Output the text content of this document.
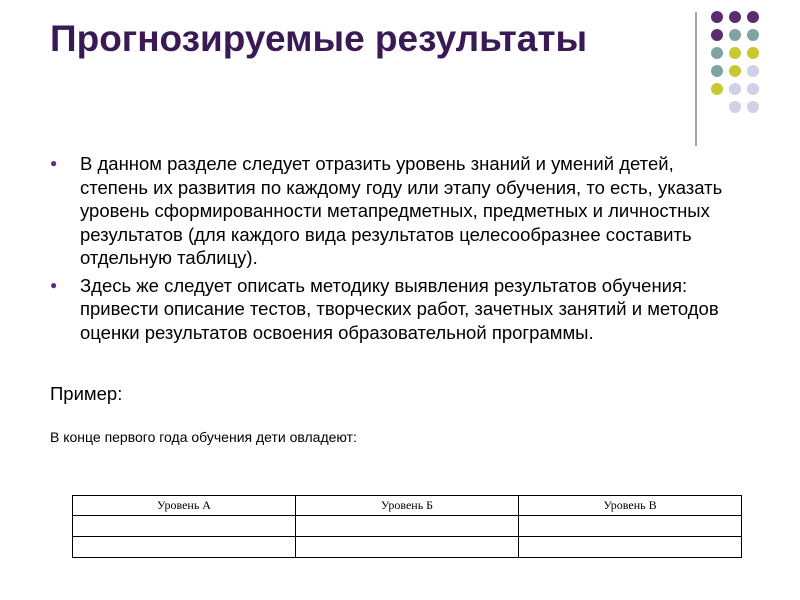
Прогнозируемые результаты
● В данном разделе следует отразить уровень знаний и умений детей, степень их развития по каждому году или этапу обучения, то есть, указать уровень сформированности метапредметных, предметных и личностных результатов (для каждого вида результатов целесообразнее составить отдельную таблицу).
● Здесь же следует описать методику выявления результатов обучения: привести описание тестов, творческих работ, зачетных занятий и методов оценки результатов освоения образовательной программы.

Пример:

В конце первого года обучения дети овладеют:

Уровень А	Уровень Б	Уровень В
